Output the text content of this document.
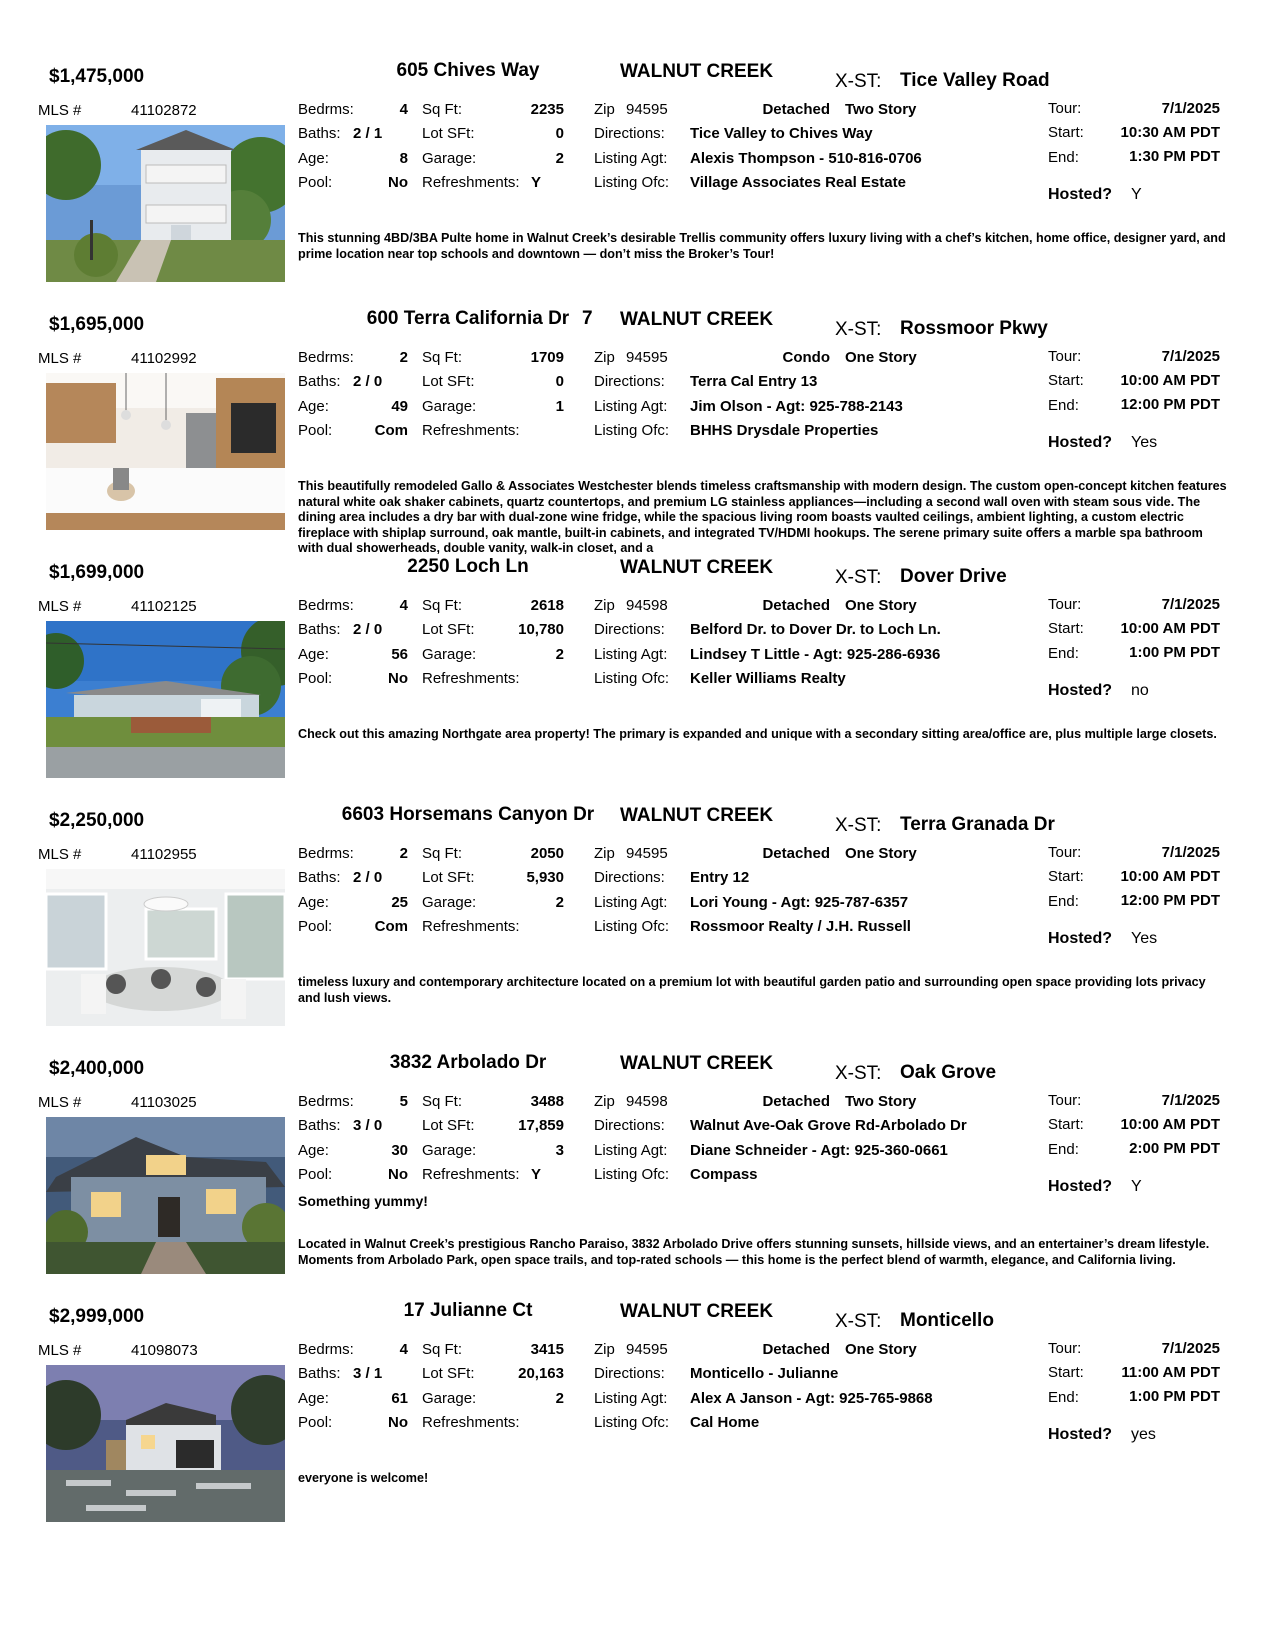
$1,475,000	605 Chives Way	WALNUT CREEK	X-ST: Tice Valley Road
MLS #	41102872	Bedrms:	4 Sq Ft:	2235 Zip 94595	Detached Two Story	Tour:	7/1/2025
Baths: 2 / 1	Lot SFt:	0 Directions: Tice Valley to Chives Way	Start:	10:30 AM PDT
Age:	8 Garage:	2 Listing Agt: Alexis Thompson - 510-816-0706	End:	1:30 PM PDT
Pool:	No Refreshments: Y	Listing Ofc: Village Associates Real Estate
Hosted? Y
This stunning 4BD/3BA Pulte home in Walnut Creek’s desirable Trellis community offers luxury living with a chef’s kitchen, home office, designer yard, and prime location near top schools and downtown — don’t miss the Broker’s Tour!
$1,695,000	600 Terra California Dr 7 WALNUT CREEK	X-ST: Rossmoor Pkwy
MLS #	41102992	Bedrms:	2 Sq Ft:	1709 Zip 94595	Condo One Story	Tour:	7/1/2025
Baths: 2 / 0	Lot SFt:	0 Directions: Terra Cal Entry 13	Start:	10:00 AM PDT
Age:	49 Garage:	1 Listing Agt: Jim Olson - Agt: 925-788-2143	End:	12:00 PM PDT
Pool:	Com Refreshments:	Listing Ofc: BHHS Drysdale Properties
Hosted? Yes
This beautifully remodeled Gallo & Associates Westchester blends timeless craftsmanship with modern design. The custom open-concept kitchen features natural white oak shaker cabinets, quartz countertops, and premium LG stainless appliances—including a second wall oven with steam sous vide. The dining area includes a dry bar with dual-zone wine fridge, while the spacious living room boasts vaulted ceilings, ambient lighting, a custom electric fireplace with shiplap surround, oak mantle, built-in cabinets, and integrated TV/HDMI hookups. The serene primary suite offers a marble spa bathroom with dual showerheads, double vanity, walk-in closet, and a
$1,699,000	2250 Loch Ln	WALNUT CREEK	X-ST: Dover Drive
MLS #	41102125	Bedrms:	4 Sq Ft:	2618 Zip 94598	Detached One Story	Tour:	7/1/2025
Baths: 2 / 0	Lot SFt:	10,780 Directions: Belford Dr. to Dover Dr. to Loch Ln.	Start:	10:00 AM PDT
Age:	56 Garage:	2 Listing Agt: Lindsey T Little - Agt: 925-286-6936	End:	1:00 PM PDT
Pool:	No Refreshments:	Listing Ofc: Keller Williams Realty
Hosted? no
Check out this amazing Northgate area property! The primary is expanded and unique with a secondary sitting area/office are, plus multiple large closets.
$2,250,000	6603 Horsemans Canyon Dr	WALNUT CREEK	X-ST: Terra Granada Dr
MLS #	41102955	Bedrms:	2 Sq Ft:	2050 Zip 94595	Detached One Story	Tour:	7/1/2025
Baths: 2 / 0	Lot SFt:	5,930 Directions: Entry 12	Start:	10:00 AM PDT
Age:	25 Garage:	2 Listing Agt: Lori Young - Agt: 925-787-6357	End:	12:00 PM PDT
Pool:	Com Refreshments:	Listing Ofc: Rossmoor Realty / J.H. Russell
Hosted? Yes
timeless luxury and contemporary architecture located on a premium lot with beautiful garden patio and surrounding open space providing lots privacy and lush views.
$2,400,000	3832 Arbolado Dr	WALNUT CREEK	X-ST: Oak Grove
MLS #	41103025	Bedrms:	5 Sq Ft:	3488 Zip 94598	Detached Two Story	Tour:	7/1/2025
Baths: 3 / 0	Lot SFt:	17,859 Directions: Walnut Ave-Oak Grove Rd-Arbolado Dr	Start:	10:00 AM PDT
Age:	30 Garage:	3 Listing Agt: Diane Schneider - Agt: 925-360-0661	End:	2:00 PM PDT
Pool:	No Refreshments: Y	Listing Ofc: Compass
Hosted? Y
Something yummy!
Located in Walnut Creek’s prestigious Rancho Paraiso, 3832 Arbolado Drive offers stunning sunsets, hillside views, and an entertainer’s dream lifestyle. Moments from Arbolado Park, open space trails, and top-rated schools — this home is the perfect blend of warmth, elegance, and California living.
$2,999,000	17 Julianne Ct	WALNUT CREEK	X-ST: Monticello
MLS #	41098073	Bedrms:	4 Sq Ft:	3415 Zip 94595	Detached One Story	Tour:	7/1/2025
Baths: 3 / 1	Lot SFt:	20,163 Directions: Monticello - Julianne	Start:	11:00 AM PDT
Age:	61 Garage:	2 Listing Agt: Alex A Janson - Agt: 925-765-9868	End:	1:00 PM PDT
Pool:	No Refreshments:	Listing Ofc: Cal Home
Hosted? yes
everyone is welcome!
